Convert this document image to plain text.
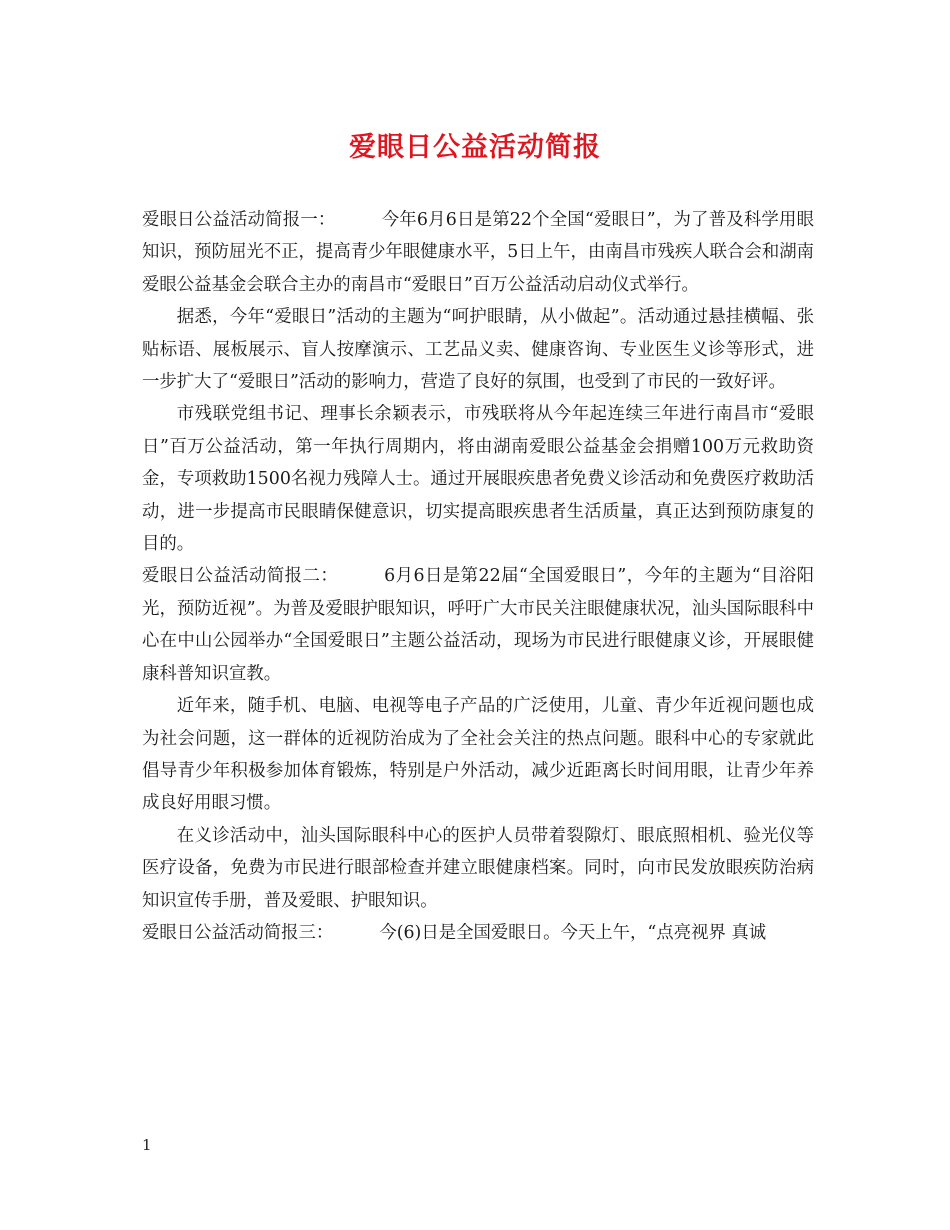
爱眼日公益活动简报

爱眼日公益活动简报一：	今年6月6日是第22个全国“爱眼日”，为了普及科学用眼知识，预防屈光不正，提高青少年眼健康水平，5日上午，由南昌市残疾人联合会和湖南爱眼公益基金会联合主办的南昌市“爱眼日”百万公益活动启动仪式举行。

据悉，今年“爱眼日”活动的主题为“呵护眼睛，从小做起”。活动通过悬挂横幅、张贴标语、展板展示、盲人按摩演示、工艺品义卖、健康咨询、专业医生义诊等形式，进一步扩大了“爱眼日”活动的影响力，营造了良好的氛围，也受到了市民的一致好评。

市残联党组书记、理事长余颖表示，市残联将从今年起连续三年进行南昌市“爱眼日”百万公益活动，第一年执行周期内，将由湖南爱眼公益基金会捐赠100万元救助资金，专项救助1500名视力残障人士。通过开展眼疾患者免费义诊活动和免费医疗救助活动，进一步提高市民眼睛保健意识，切实提高眼疾患者生活质量，真正达到预防康复的目的。

爱眼日公益活动简报二：	6月6日是第22届“全国爱眼日”，今年的主题为“目浴阳光，预防近视”。为普及爱眼护眼知识，呼吁广大市民关注眼健康状况，汕头国际眼科中心在中山公园举办“全国爱眼日”主题公益活动，现场为市民进行眼健康义诊，开展眼健康科普知识宣教。

近年来，随手机、电脑、电视等电子产品的广泛使用，儿童、青少年近视问题也成为社会问题，这一群体的近视防治成为了全社会关注的热点问题。眼科中心的专家就此倡导青少年积极参加体育锻炼，特别是户外活动，减少近距离长时间用眼，让青少年养成良好用眼习惯。

在义诊活动中，汕头国际眼科中心的医护人员带着裂隙灯、眼底照相机、验光仪等医疗设备，免费为市民进行眼部检查并建立眼健康档案。同时，向市民发放眼疾防治病知识宣传手册，普及爱眼、护眼知识。

爱眼日公益活动简报三：	今(6)日是全国爱眼日。今天上午，“点亮视界 真诚

1
